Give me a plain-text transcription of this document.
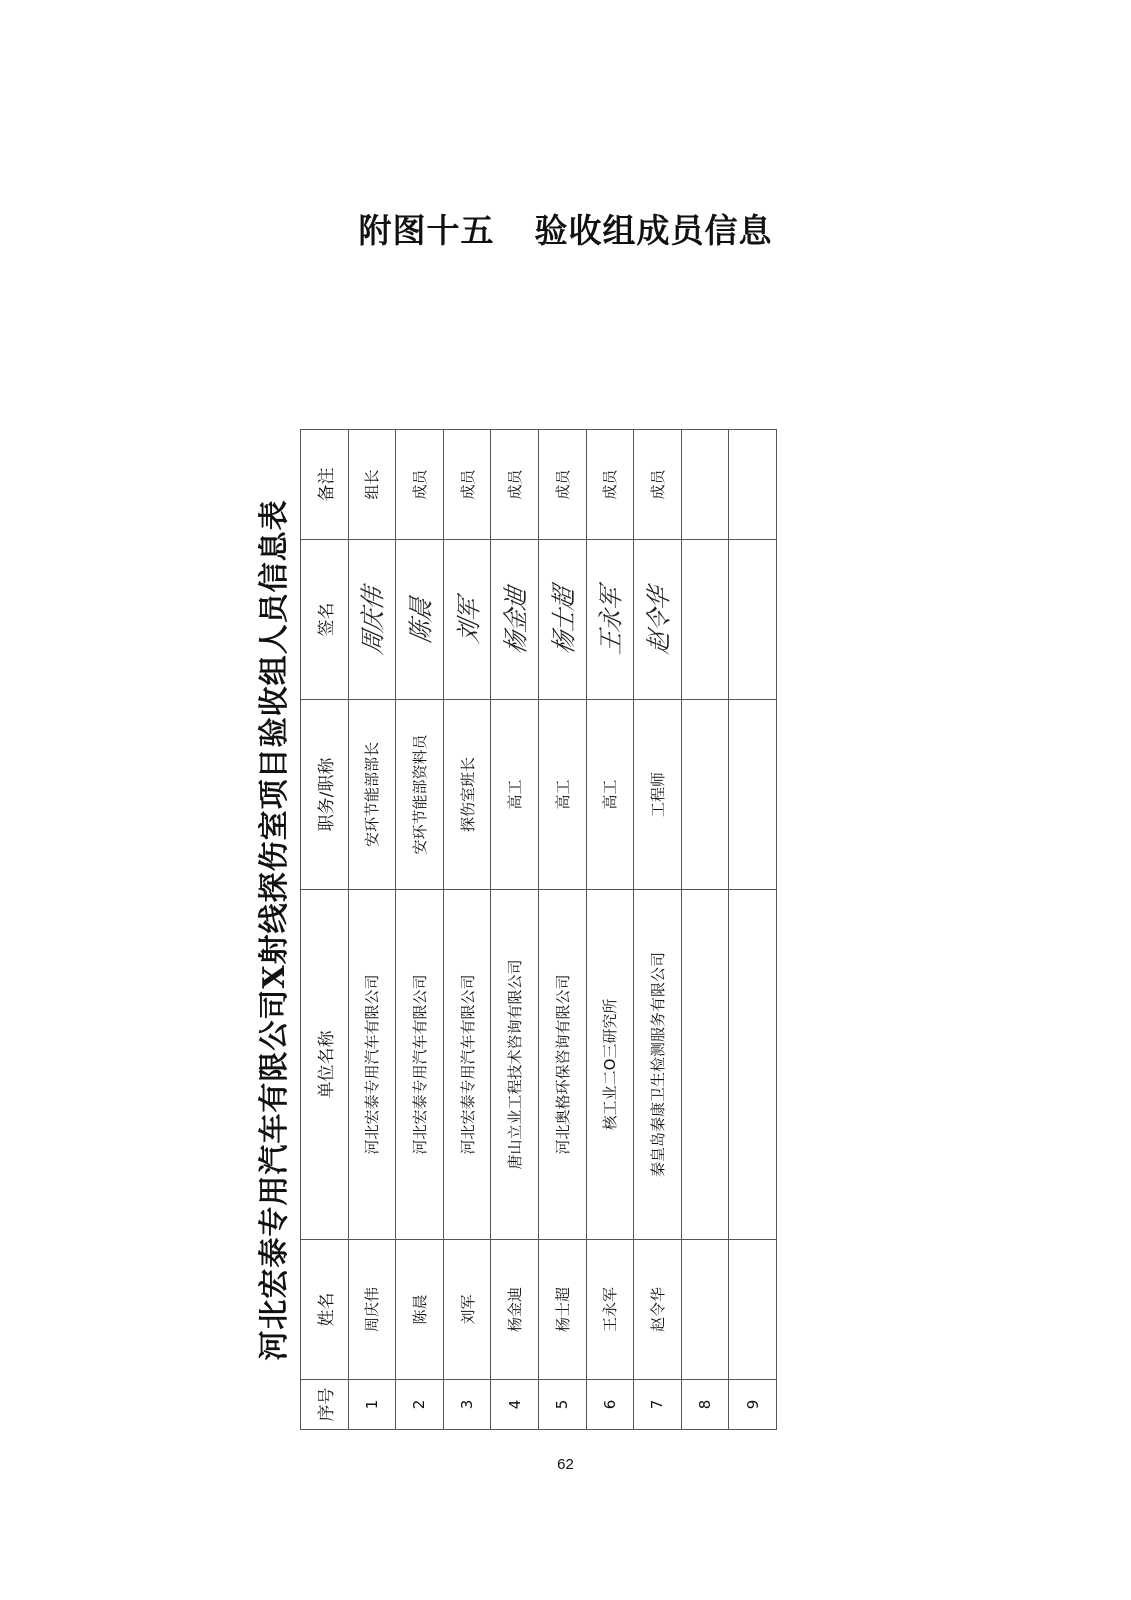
附图十五 验收组成员信息
河北宏泰专用汽车有限公司X射线探伤室项目验收组人员信息表
序号	姓名	单位名称	职务/职称	签名	备注
1	周庆伟	河北宏泰专用汽车有限公司	安环节能部部长	周庆伟	组长
2	陈晨	河北宏泰专用汽车有限公司	安环节能部资料员	陈晨	成员
3	刘军	河北宏泰专用汽车有限公司	探伤室班长	刘军	成员
4	杨金迪	唐山立业工程技术咨询有限公司	高工	杨金迪	成员
5	杨士超	河北奥格环保咨询有限公司	高工	杨士超	成员
6	王永军	核工业二O三研究所	高工	王永军	成员
7	赵令华	秦皇岛秦康卫生检测服务有限公司	工程师	赵令华	成员
8					
9					
62
